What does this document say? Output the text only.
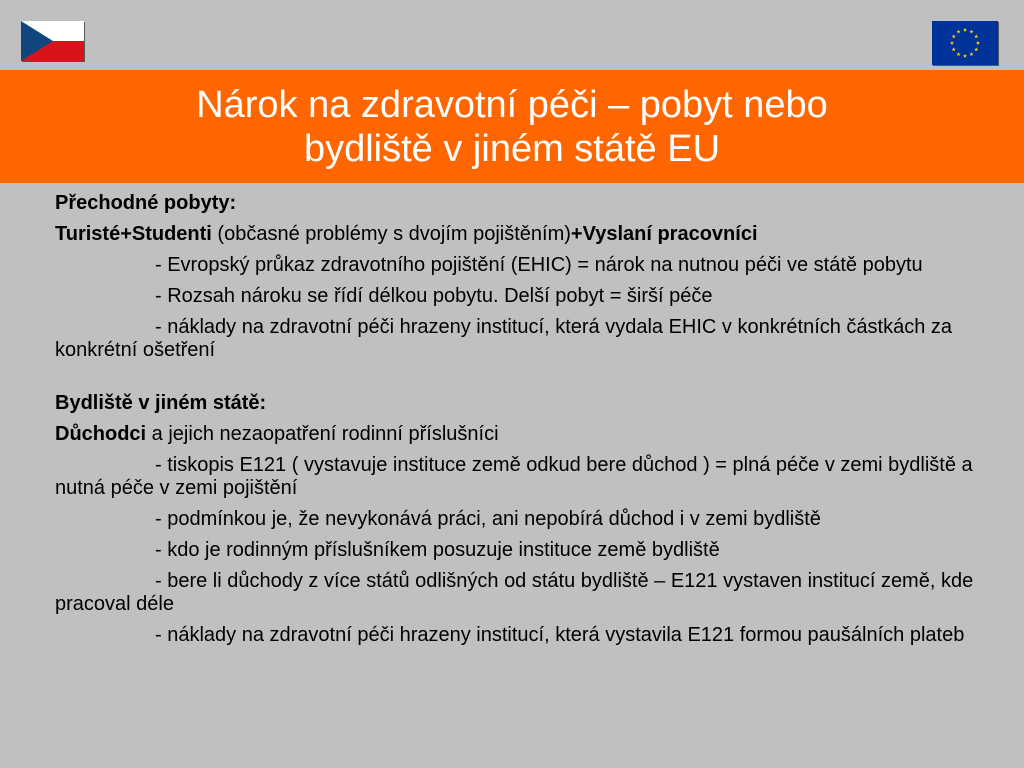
Nárok na zdravotní péči – pobyt nebo
bydliště v jiném státě EU

Přechodné pobyty:

Turisté+Studenti (občasné problémy s dvojím pojištěním)+Vyslaní pracovníci

- Evropský průkaz zdravotního pojištění (EHIC) = nárok na nutnou péči ve státě pobytu

- Rozsah nároku se řídí délkou pobytu. Delší pobyt = širší péče

- náklady na zdravotní péči hrazeny institucí, která vydala EHIC v konkrétních částkách za konkrétní ošetření

Bydliště v jiném státě:

Důchodci a jejich nezaopatření rodinní příslušníci

- tiskopis E121 ( vystavuje instituce země odkud bere důchod ) = plná péče v zemi bydliště a nutná péče v zemi pojištění

- podmínkou je, že nevykonává práci, ani nepobírá důchod i v zemi bydliště

- kdo je rodinným příslušníkem posuzuje instituce země bydliště

- bere li důchody z více států odlišných od státu bydliště – E121 vystaven institucí země, kde pracoval déle

- náklady na zdravotní péči hrazeny institucí, která vystavila E121 formou paušálních plateb
